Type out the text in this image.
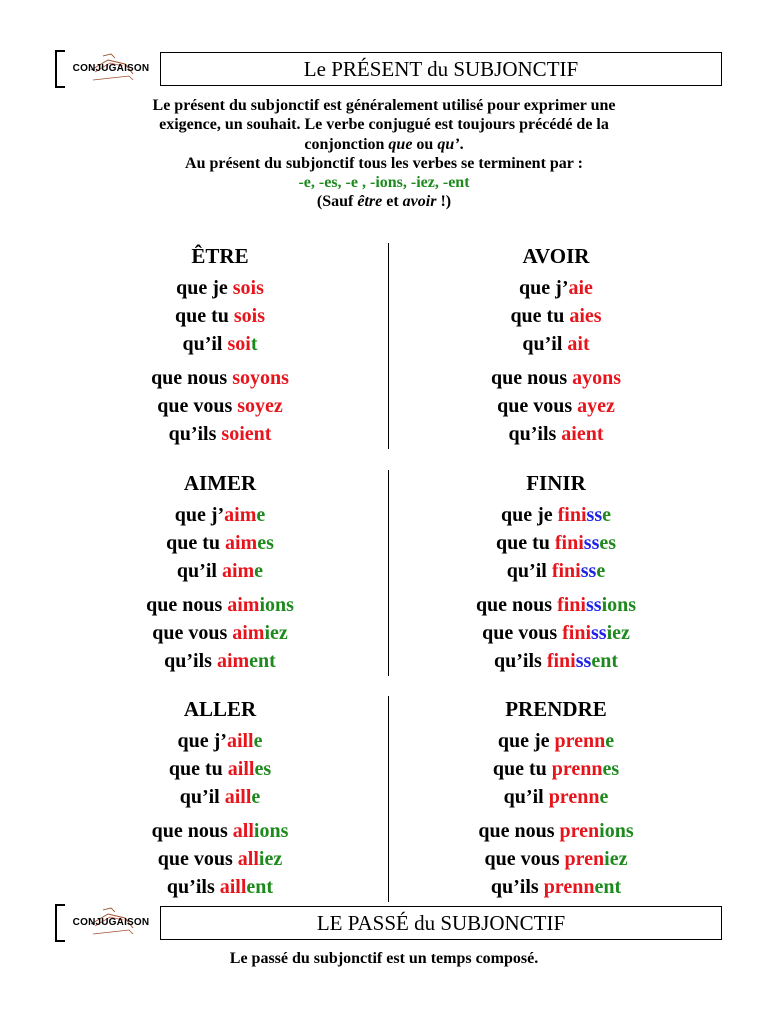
CONJUGAISON	Le PRÉSENT du SUBJONCTIF
Le présent du subjonctif est généralement utilisé pour exprimer une
exigence, un souhait. Le verbe conjugué est toujours précédé de la
conjonction que ou qu’.
Au présent du subjonctif tous les verbes se terminent par :
-e, -es, -e , -ions, -iez, -ent
(Sauf être et avoir !)
ÊTRE
que je sois
que tu sois
qu’il soit
que nous soyons
que vous soyez
qu’ils soient
AVOIR
que j’aie
que tu aies
qu’il ait
que nous ayons
que vous ayez
qu’ils aient
AIMER
que j’aime
que tu aimes
qu’il aime
que nous aimions
que vous aimiez
qu’ils aiment
FINIR
que je finisse
que tu finisses
qu’il finisse
que nous finissions
que vous finissiez
qu’ils finissent
ALLER
que j’aille
que tu ailles
qu’il aille
que nous allions
que vous alliez
qu’ils aillent
PRENDRE
que je prenne
que tu prennes
qu’il prenne
que nous prenions
que vous preniez
qu’ils prennent
CONJUGAISON	LE PASSÉ du SUBJONCTIF
Le passé du subjonctif est un temps composé.
